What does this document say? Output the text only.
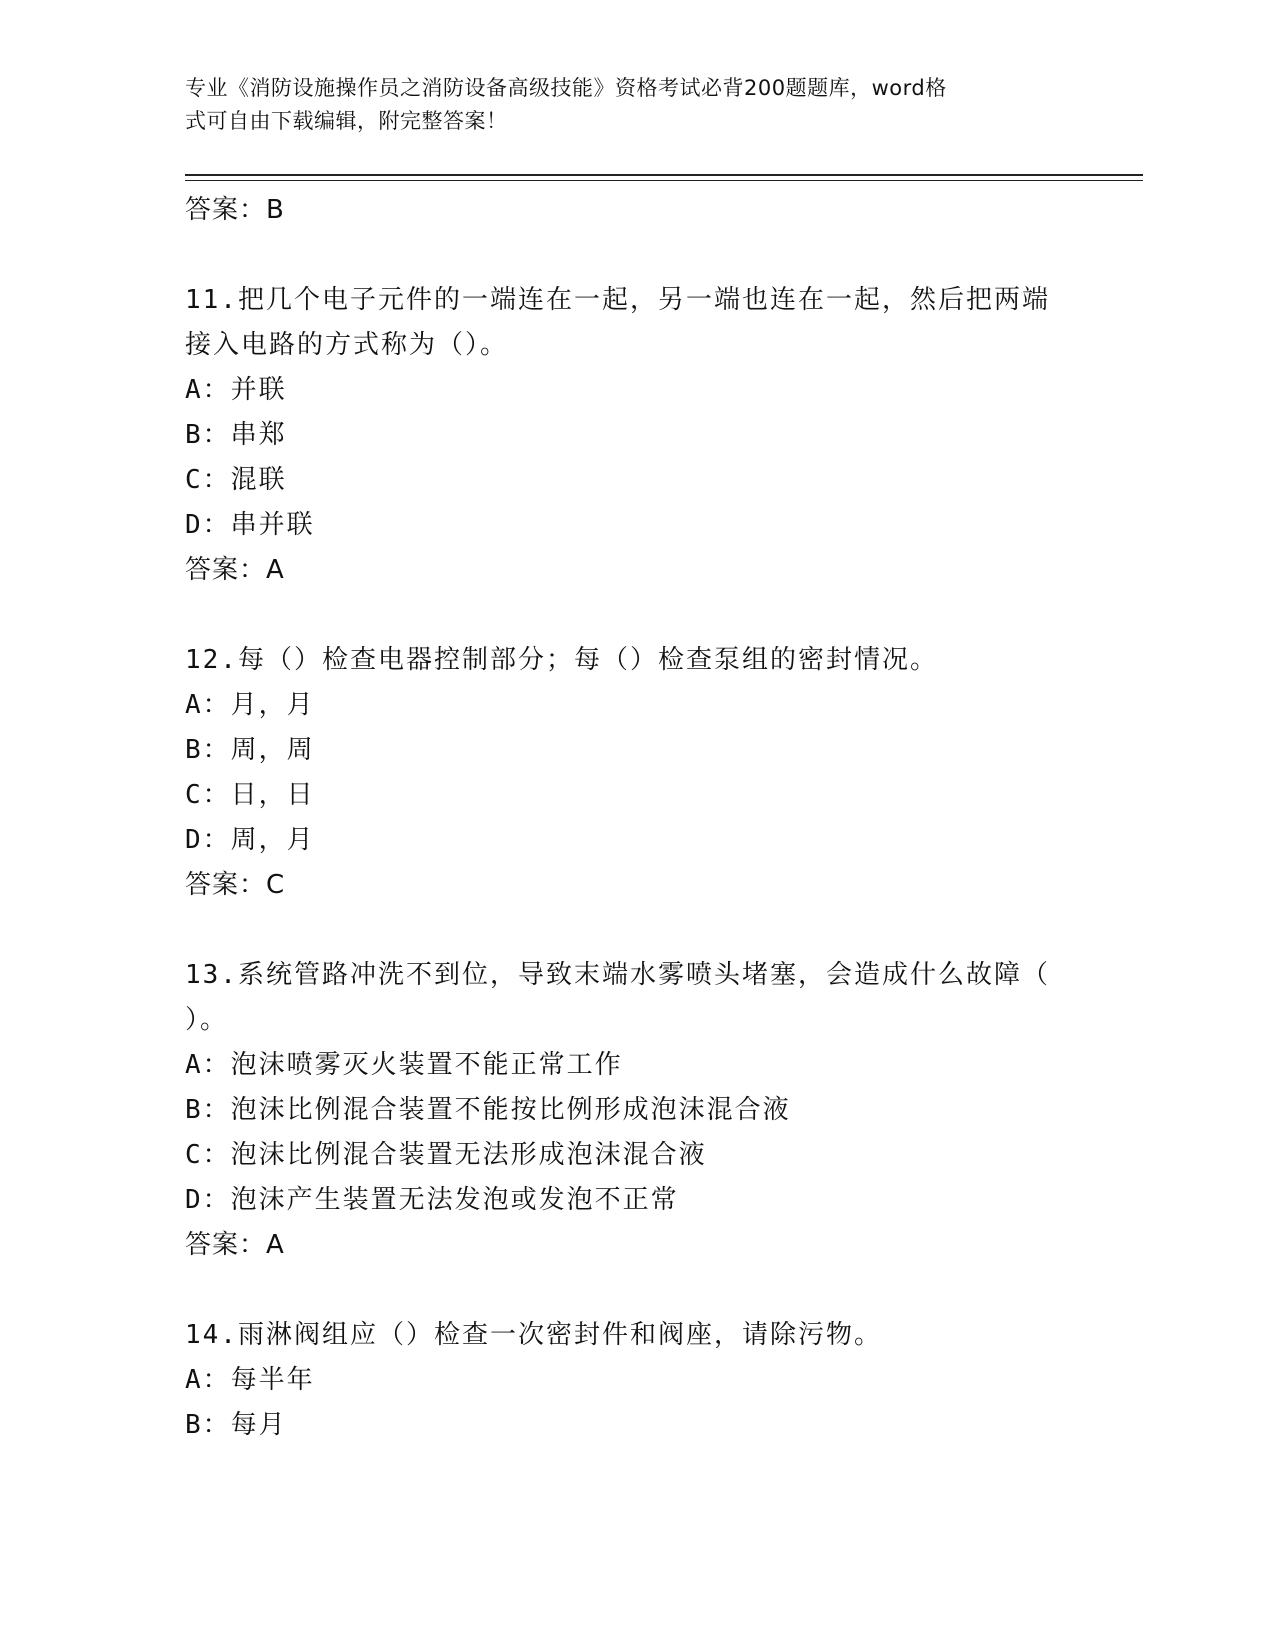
专业《消防设施操作员之消防设备高级技能》资格考试必背200题题库，word格
式可自由下载编辑，附完整答案！
答案：B
11.把几个电子元件的一端连在一起，另一端也连在一起，然后把两端
接入电路的方式称为（）。
A：并联
B：串郑
C：混联
D：串并联
答案：A
12.每（）检查电器控制部分；每（）检查泵组的密封情况。
A：月，月
B：周，周
C：日，日
D：周，月
答案：C
13.系统管路冲洗不到位，导致末端水雾喷头堵塞，会造成什么故障（
）。
A：泡沫喷雾灭火装置不能正常工作
B：泡沫比例混合装置不能按比例形成泡沫混合液
C：泡沫比例混合装置无法形成泡沫混合液
D：泡沫产生装置无法发泡或发泡不正常
答案：A
14.雨淋阀组应（）检查一次密封件和阀座，请除污物。
A：每半年
B：每月
